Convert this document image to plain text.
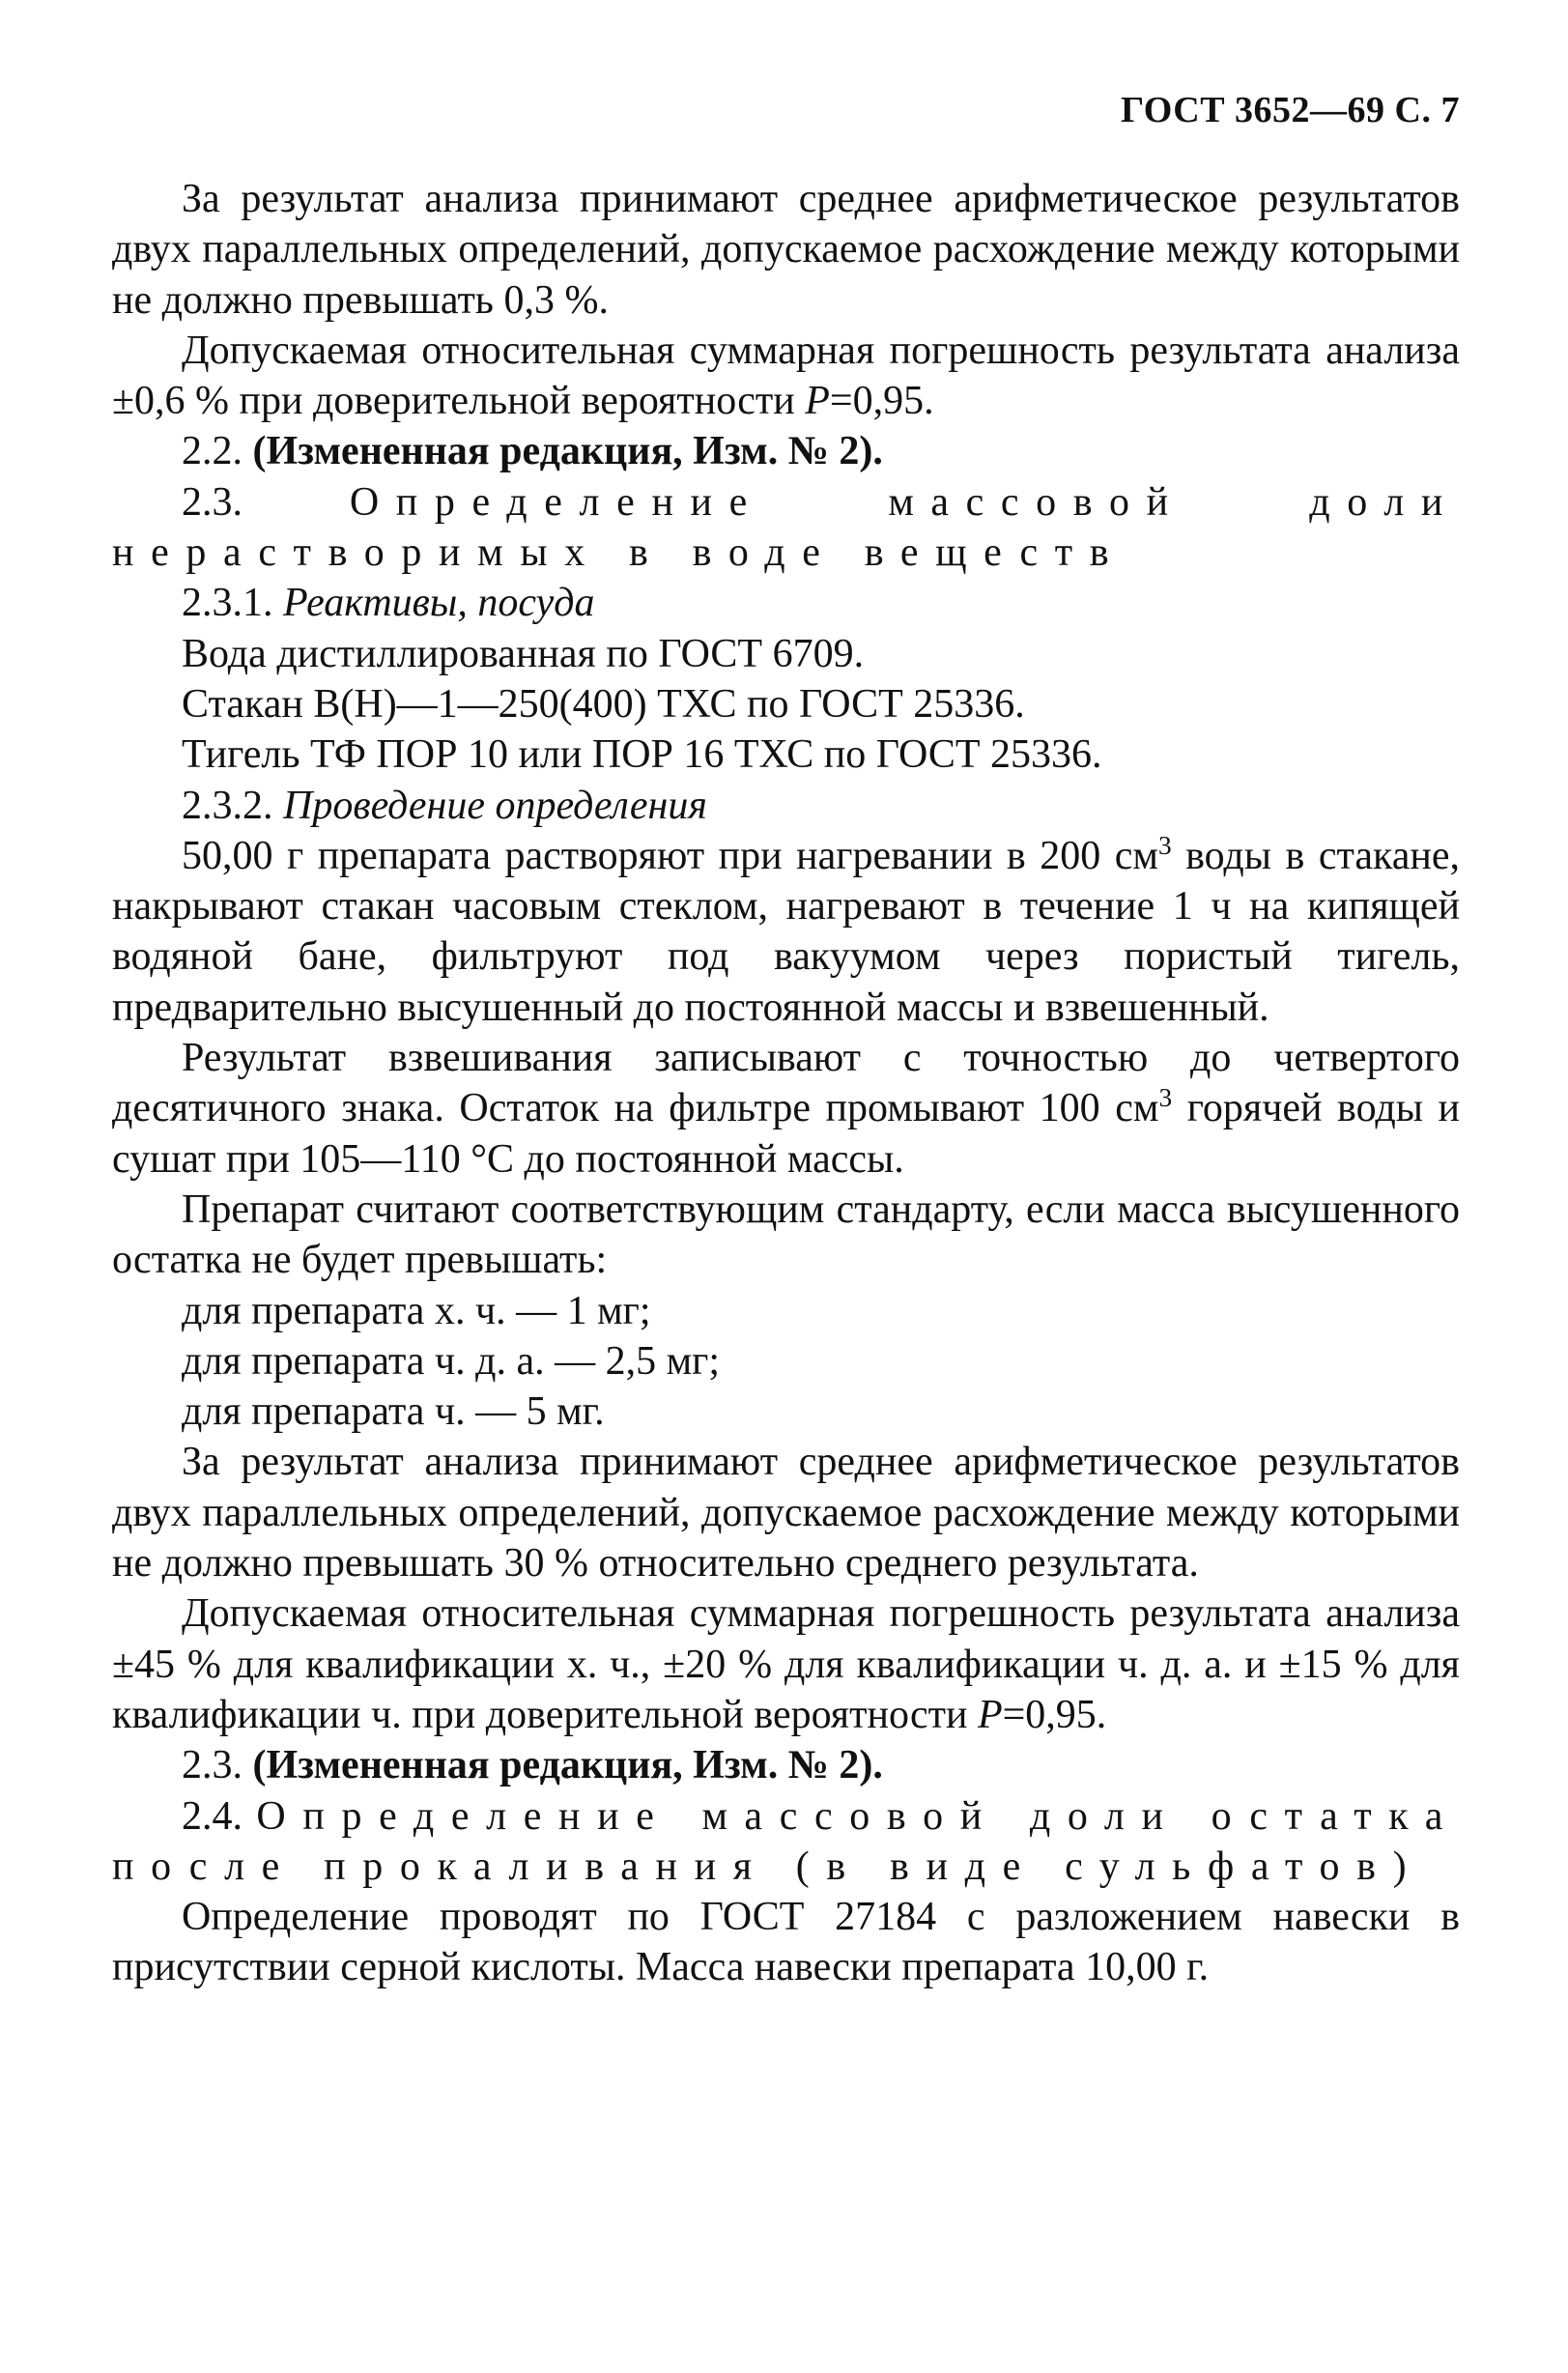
ГОСТ 3652—69 С. 7

За результат анализа принимают среднее арифметическое результатов двух параллельных определений, допускаемое расхождение между которыми не должно превышать 0,3 %.

Допускаемая относительная суммарная погрешность результата анализа ±0,6 % при доверительной вероятности P=0,95.

2.2. (Измененная редакция, Изм. № 2).

2.3.	Определение массовой доли нерастворимых в воде веществ

2.3.1. Реактивы, посуда

Вода дистиллированная по ГОСТ 6709.

Стакан В(Н)—1—250(400) ТХС по ГОСТ 25336.

Тигель ТФ ПОР 10 или ПОР 16 ТХС по ГОСТ 25336.

2.3.2. Проведение определения

50,00 г препарата растворяют при нагревании в 200 $см^3$ воды в стакане, накрывают стакан часовым стеклом, нагревают в течение 1 ч на кипящей водяной бане, фильтруют под вакуумом через пористый тигель, предварительно высушенный до постоянной массы и взвешенный.

Результат взвешивания записывают с точностью до четвертого десятичного знака. Остаток на фильтре промывают 100 $см^3$ горячей воды и сушат при 105—110 °С до постоянной массы.

Препарат считают соответствующим стандарту, если масса высушенного остатка не будет превышать:

для препарата х. ч. — 1 мг;

для препарата ч. д. а. — 2,5 мг;

для препарата ч. — 5 мг.

За результат анализа принимают среднее арифметическое результатов двух параллельных определений, допускаемое расхождение между которыми не должно превышать 30 % относительно среднего результата.

Допускаемая относительная суммарная погрешность результата анализа ±45 % для квалификации х. ч., ±20 % для квалификации ч. д. а. и ±15 % для квалификации ч. при доверительной вероятности P=0,95.

2.3. (Измененная редакция, Изм. № 2).

2.4. Определение массовой доли остатка после прокаливания (в виде сульфатов)

Определение проводят по ГОСТ 27184 с разложением навески в присутствии серной кислоты. Масса навески препарата 10,00 г.
